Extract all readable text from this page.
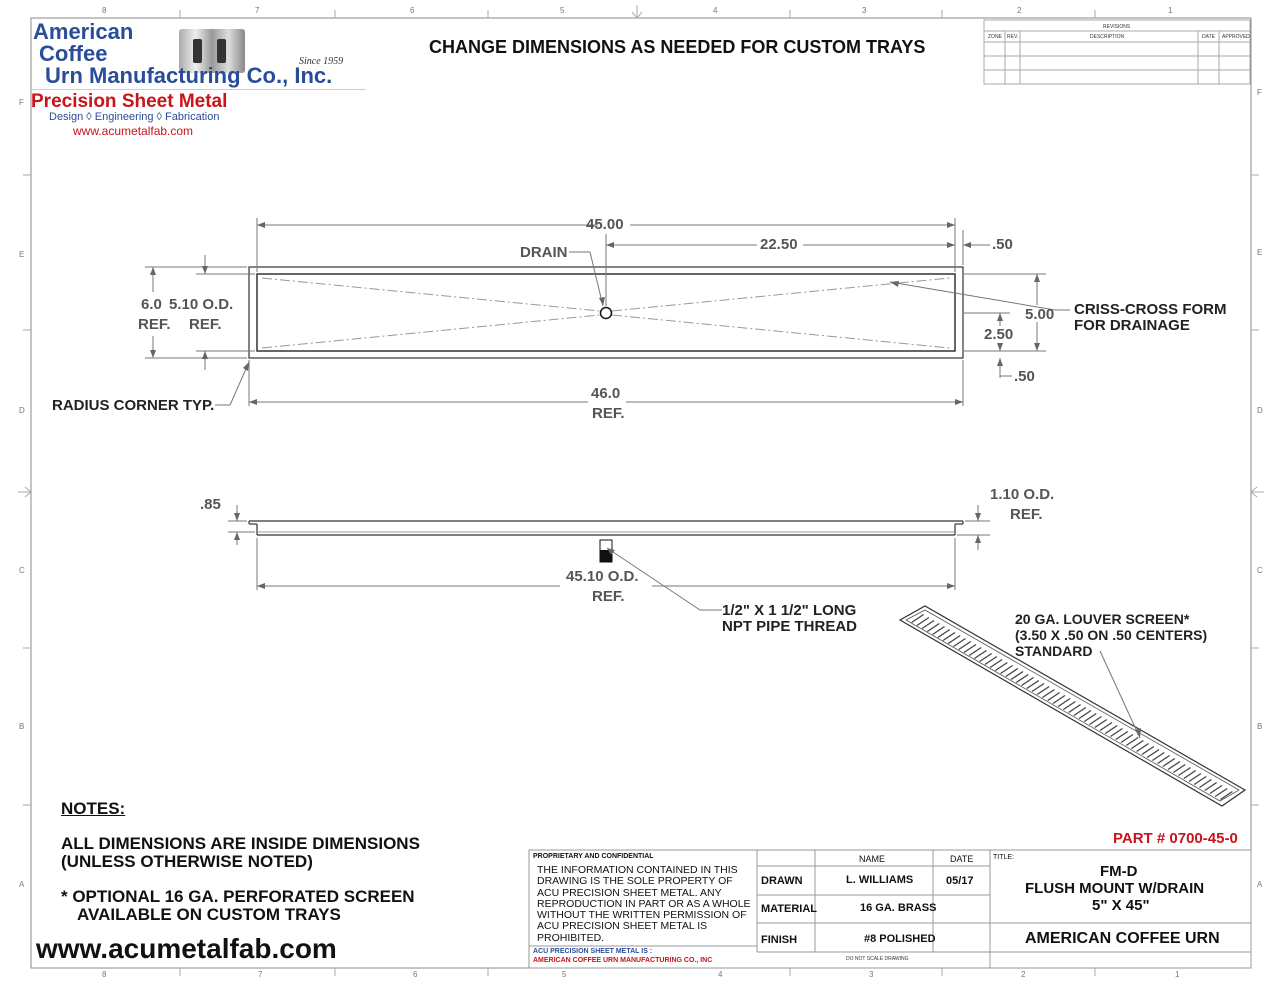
8	7	6	5	4	3	2	1
8	7	6	5	4	3	2	1
F
E
D
C
B
A
F
E
D
C
B
A
American
Coffee
Urn Manufacturing Co., Inc.
Since 1959
Precision Sheet Metal
Design ◊ Engineering ◊ Fabrication
www.acumetalfab.com
CHANGE DIMENSIONS AS NEEDED FOR CUSTOM TRAYS
REVISIONS
ZONE REV.	DESCRIPTION	DATE APPROVED
45.00
22.50
DRAIN	.50
6.0 5.10 O.D.
REF. REF.
CRISS-CROSS FORM
FOR DRAINAGE
5.00
2.50
.50
RADIUS CORNER TYP.
46.0
REF.
.85
1.10 O.D.
REF.
45.10 O.D.
REF.
1/2" X 1 1/2" LONG
NPT PIPE THREAD	20 GA. LOUVER SCREEN*
(3.50 X .50 ON .50 CENTERS)
STANDARD
PART # 0700-45-0
NOTES:
ALL DIMENSIONS ARE INSIDE DIMENSIONS
(UNLESS OTHERWISE NOTED)
* OPTIONAL 16 GA. PERFORATED SCREEN
AVAILABLE ON CUSTOM TRAYS
www.acumetalfab.com
PROPRIETARY AND CONFIDENTIAL
THE INFORMATION CONTAINED IN THIS
DRAWING IS THE SOLE PROPERTY OF
ACU PRECISION SHEET METAL. ANY
REPRODUCTION IN PART OR AS A WHOLE
WITHOUT THE WRITTEN PERMISSION OF
ACU PRECISION SHEET METAL IS
PROHIBITED.
ACU PRECISION SHEET METAL IS :
AMERICAN COFFEE URN MANUFACTURING CO., INC
NAME	DATE	TITLE:
DRAWN	L. WILLIAMS	05/17
MATERIAL	16 GA. BRASS
FINISH	#8 POLISHED
DO NOT SCALE DRAWING
FM-D
FLUSH MOUNT W/DRAIN
5" X 45"
AMERICAN COFFEE URN
